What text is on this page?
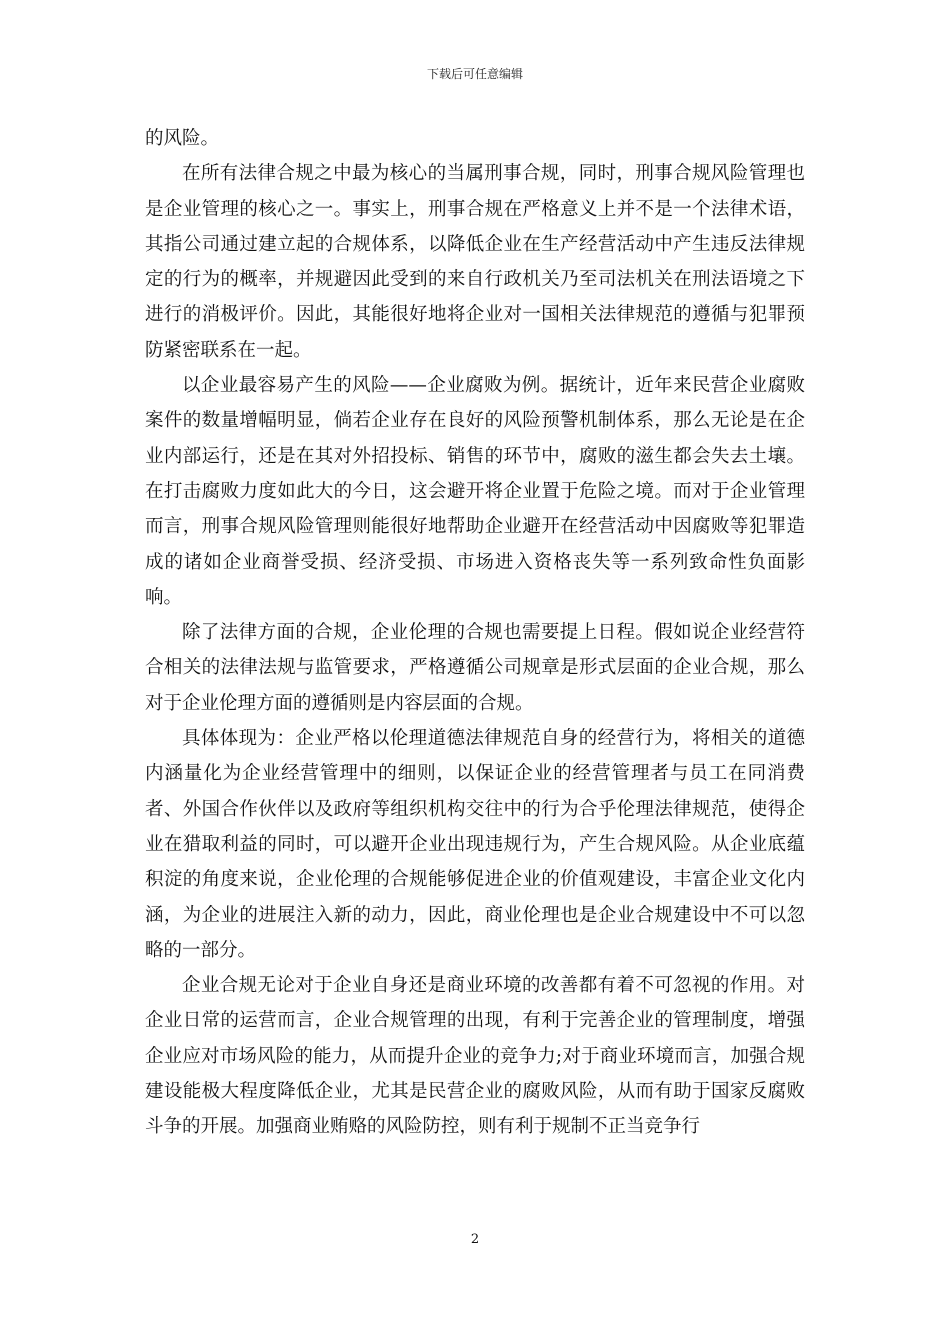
下载后可任意编辑

的风险。

在所有法律合规之中最为核心的当属刑事合规，同时，刑事合规风险管理也是企业管理的核心之一。事实上，刑事合规在严格意义上并不是一个法律术语，其指公司通过建立起的合规体系，以降低企业在生产经营活动中产生违反法律规定的行为的概率，并规避因此受到的来自行政机关乃至司法机关在刑法语境之下进行的消极评价。因此，其能很好地将企业对一国相关法律规范的遵循与犯罪预防紧密联系在一起。

以企业最容易产生的风险——企业腐败为例。据统计，近年来民营企业腐败案件的数量增幅明显，倘若企业存在良好的风险预警机制体系，那么无论是在企业内部运行，还是在其对外招投标、销售的环节中，腐败的滋生都会失去土壤。在打击腐败力度如此大的今日，这会避开将企业置于危险之境。而对于企业管理而言，刑事合规风险管理则能很好地帮助企业避开在经营活动中因腐败等犯罪造成的诸如企业商誉受损、经济受损、市场进入资格丧失等一系列致命性负面影响。

除了法律方面的合规，企业伦理的合规也需要提上日程。假如说企业经营符合相关的法律法规与监管要求，严格遵循公司规章是形式层面的企业合规，那么对于企业伦理方面的遵循则是内容层面的合规。

具体体现为：企业严格以伦理道德法律规范自身的经营行为，将相关的道德内涵量化为企业经营管理中的细则，以保证企业的经营管理者与员工在同消费者、外国合作伙伴以及政府等组织机构交往中的行为合乎伦理法律规范，使得企业在猎取利益的同时，可以避开企业出现违规行为，产生合规风险。从企业底蕴积淀的角度来说，企业伦理的合规能够促进企业的价值观建设，丰富企业文化内涵，为企业的进展注入新的动力，因此，商业伦理也是企业合规建设中不可以忽略的一部分。

企业合规无论对于企业自身还是商业环境的改善都有着不可忽视的作用。对企业日常的运营而言，企业合规管理的出现，有利于完善企业的管理制度，增强企业应对市场风险的能力，从而提升企业的竞争力;对于商业环境而言，加强合规建设能极大程度降低企业，尤其是民营企业的腐败风险，从而有助于国家反腐败斗争的开展。加强商业贿赂的风险防控，则有利于规制不正当竞争行

2
